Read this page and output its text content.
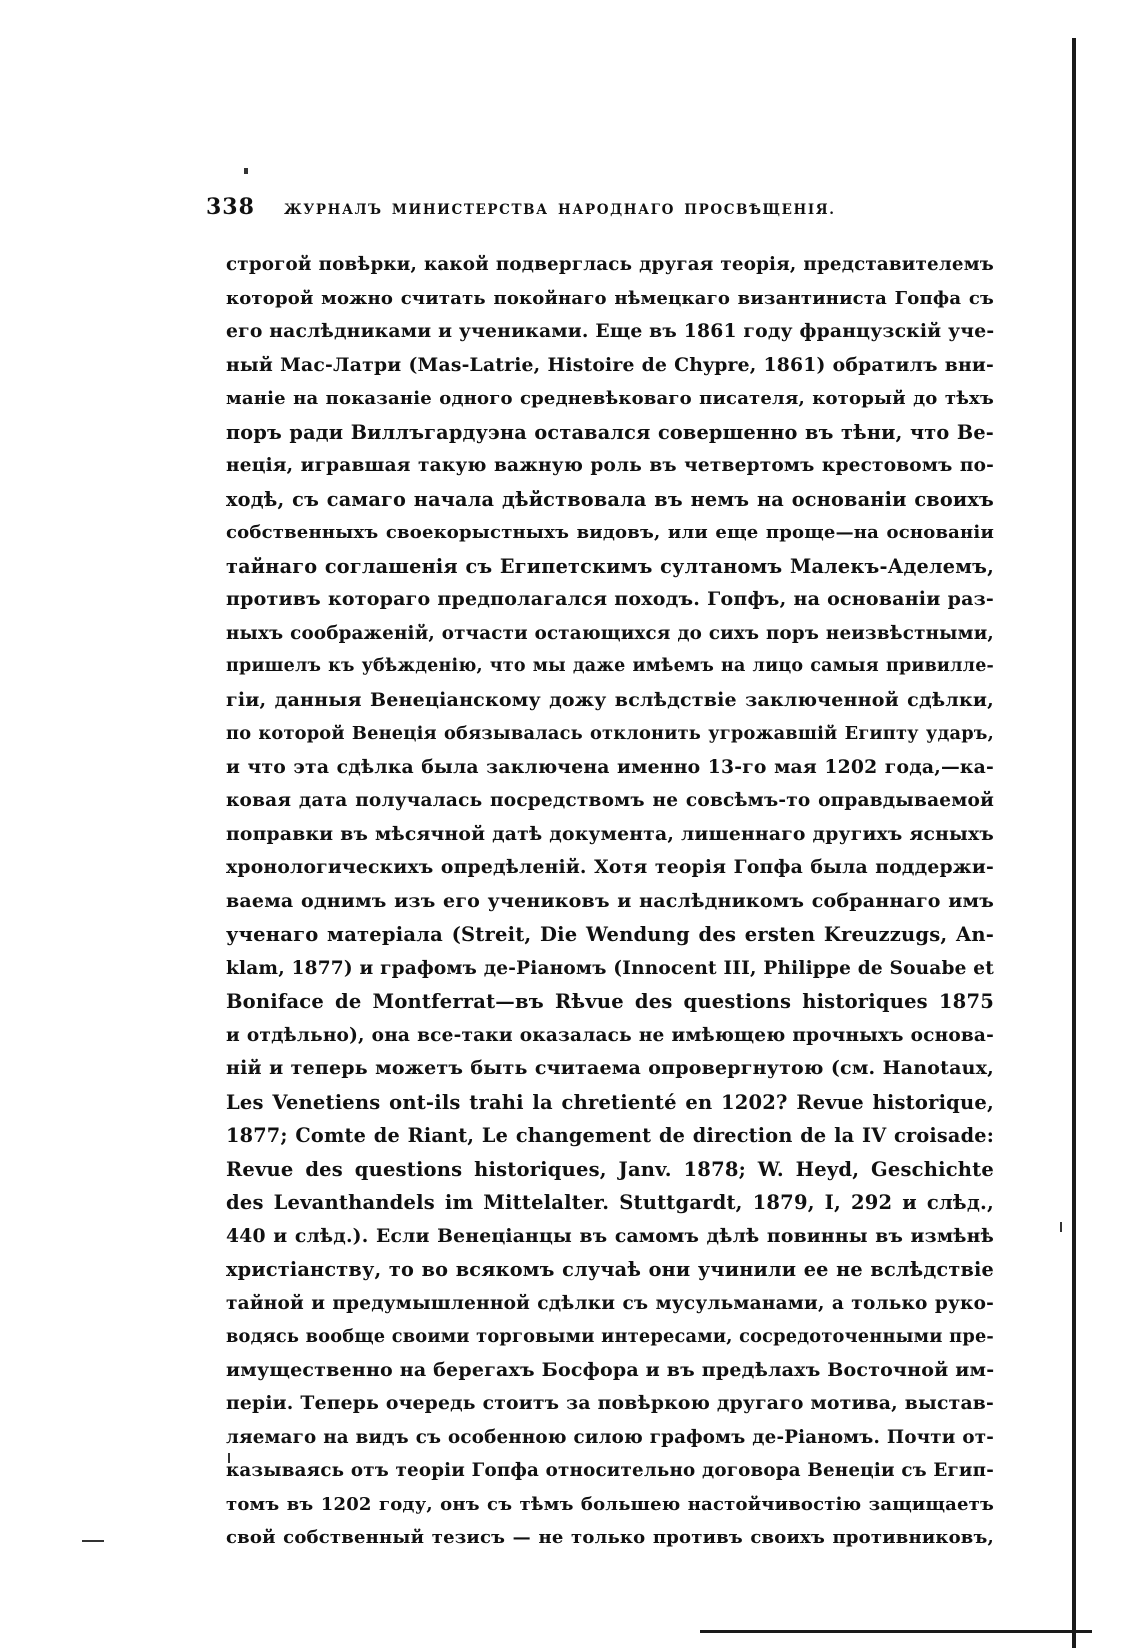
338	ЖУРНАЛЪ МИНИСТЕРСТВА НАРОДНАГО ПРОСВѢЩЕНІЯ.
строгой повѣрки, какой подверглась другая теорія, представителемъ
которой можно считать покойнаго нѣмецкаго византиниста Гопфа съ
его наслѣдниками и учениками. Еще въ 1861 году французскій уче-
ный Мас-Латри (Mas-Latrie, Histoire de Chypre, 1861) обратилъ вни-
маніе на показаніе одного средневѣковаго писателя, который до тѣхъ
поръ ради Виллъгардуэна оставался совершенно въ тѣни, что Ве-
неція, игравшая такую важную роль въ четвертомъ крестовомъ по-
ходѣ, съ самаго начала дѣйствовала въ немъ на основаніи своихъ
собственныхъ своекорыстныхъ видовъ, или еще проще—на основаніи
тайнаго соглашенія съ Египетскимъ султаномъ Малекъ-Аделемъ,
противъ котораго предполагался походъ. Гопфъ, на основаніи раз-
ныхъ соображеній, отчасти остающихся до сихъ поръ неизвѣстными,
пришелъ къ убѣжденію, что мы даже имѣемъ на лицо самыя привилле-
гіи, данныя Венеціанскому дожу вслѣдствіе заключенной сдѣлки,
по которой Венеція обязывалась отклонить угрожавшій Египту ударъ,
и что эта сдѣлка была заключена именно 13-го мая 1202 года,—ка-
ковая дата получалась посредствомъ не совсѣмъ-то оправдываемой
поправки въ мѣсячной датѣ документа, лишеннаго другихъ ясныхъ
хронологическихъ опредѣленій. Хотя теорія Гопфа была поддержи-
ваема однимъ изъ его учениковъ и наслѣдникомъ собраннаго имъ
ученаго матеріала (Streit, Die Wendung des ersten Kreuzzugs, An-
klam, 1877) и графомъ де-Ріаномъ (Innocent III, Philippe de Souabe et
Boniface de Montferrat—въ Rѣvue des questions historiques 1875
и отдѣльно), она все-таки оказалась не имѣющею прочныхъ основа-
ній и теперь можетъ быть считаема опровергнутою (см. Hanotaux,
Les Venetiens ont-ils trahi la chretienté en 1202? Revue historique,
1877; Comte de Riant, Le changement de direction de la IV croisade:
Revue des questions historiques, Janv. 1878; W. Heyd, Geschichte
des Levanthandels im Mittelalter. Stuttgardt, 1879, I, 292 и слѣд.,
440 и слѣд.). Если Венеціанцы въ самомъ дѣлѣ повинны въ измѣнѣ
христіанству, то во всякомъ случаѣ они учинили ее не вслѣдствіе
тайной и предумышленной сдѣлки съ мусульманами, а только руко-
водясь вообще своими торговыми интересами, сосредоточенными пре-
имущественно на берегахъ Босфора и въ предѣлахъ Восточной им-
періи. Теперь очередь стоитъ за повѣркою другаго мотива, выстав-
ляемаго на видъ съ особенною силою графомъ де-Ріаномъ. Почти от-
казываясь отъ теоріи Гопфа относительно договора Венеціи съ Егип-
томъ въ 1202 году, онъ съ тѣмъ большею настойчивостію защищаетъ
свой собственный тезисъ — не только противъ своихъ противниковъ,
